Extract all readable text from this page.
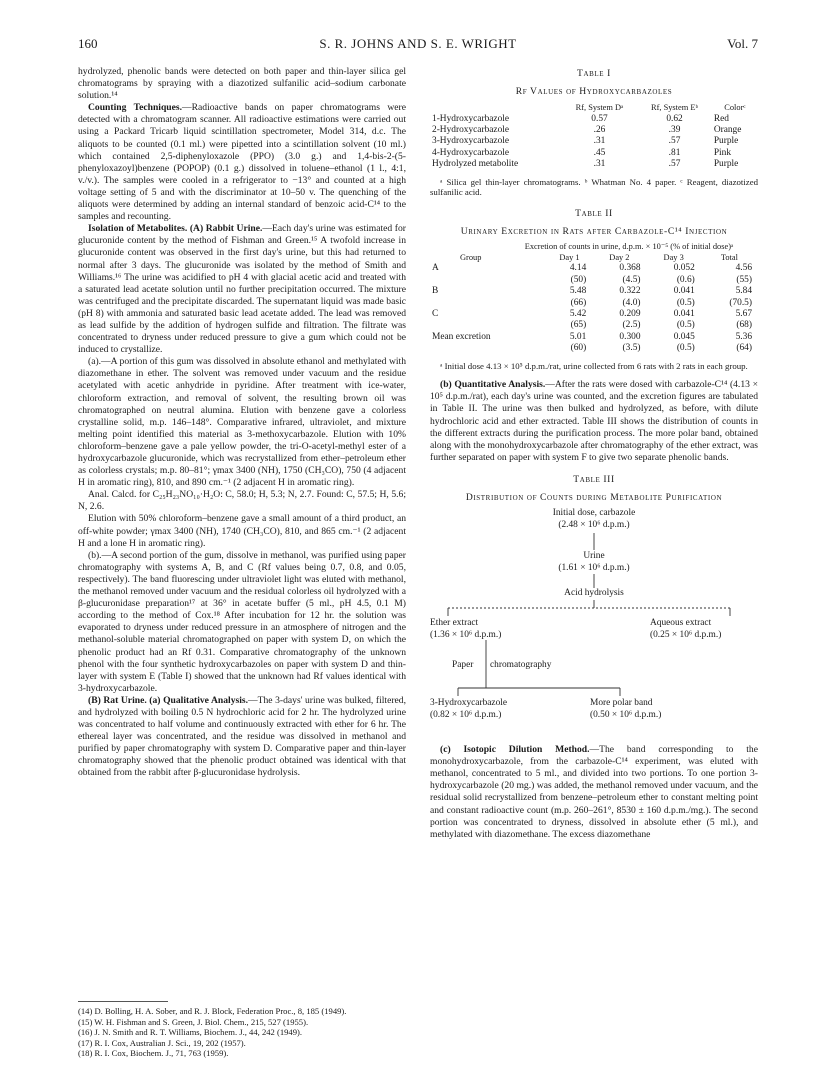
160	S. R. JOHNS AND S. E. WRIGHT	Vol. 7

hydrolyzed, phenolic bands were detected on both paper and thin-layer silica gel chromatograms by spraying with a diazotized sulfanilic acid–sodium carbonate solution.¹⁴

Counting Techniques.—Radioactive bands on paper chromatograms were detected with a chromatogram scanner. All radioactive estimations were carried out using a Packard Tricarb liquid scintillation spectrometer, Model 314, d.c. The aliquots to be counted (0.1 ml.) were pipetted into a scintillation solvent (10 ml.) which contained 2,5-diphenyloxazole (PPO) (3.0 g.) and 1,4-bis-2-(5-phenyloxazoyl)benzene (POPOP) (0.1 g.) dissolved in toluene–ethanol (1 l., 4:1, v./v.). The samples were cooled in a refrigerator to −13° and counted at a high voltage setting of 5 and with the discriminator at 10–50 v. The quenching of the aliquots were determined by adding an internal standard of benzoic acid-C¹⁴ to the samples and recounting.

Isolation of Metabolites. (A) Rabbit Urine.—Each day's urine was estimated for glucuronide content by the method of Fishman and Green.¹⁵ A twofold increase in glucuronide content was observed in the first day's urine, but this had returned to normal after 3 days. The glucuronide was isolated by the method of Smith and Williams.¹⁶ The urine was acidified to pH 4 with glacial acetic acid and treated with a saturated lead acetate solution until no further precipitation occurred. The mixture was centrifuged and the precipitate discarded. The supernatant liquid was made basic (pH 8) with ammonia and saturated basic lead acetate added. The lead was removed as lead sulfide by the addition of hydrogen sulfide and filtration. The filtrate was concentrated to dryness under reduced pressure to give a gum which could not be induced to crystallize.

(a).—A portion of this gum was dissolved in absolute ethanol and methylated with diazomethane in ether. The solvent was removed under vacuum and the residue acetylated with acetic anhydride in pyridine. After treatment with ice-water, chloroform extraction, and removal of solvent, the resulting brown oil was chromatographed on neutral alumina. Elution with benzene gave a colorless crystalline solid, m.p. 146–148°. Comparative infrared, ultraviolet, and mixture melting point identified this material as 3-methoxycarbazole. Elution with 10% chloroform–benzene gave a pale yellow powder, the tri-O-acetyl-methyl ester of a hydroxycarbazole glucuronide, which was recrystallized from ether–petroleum ether as colorless crystals; m.p. 80–81°; γmax 3400 (NH), 1750 (CH₃CO), 750 (4 adjacent H in aromatic ring), 810, and 890 cm.⁻¹ (2 adjacent H in aromatic ring).

Anal. Calcd. for C₂₅H₂₃NO₁₀·H₂O: C, 58.0; H, 5.3; N, 2.7. Found: C, 57.5; H, 5.6; N, 2.6.

Elution with 50% chloroform–benzene gave a small amount of a third product, an off-white powder; γmax 3400 (NH), 1740 (CH₃CO), 810, and 865 cm.⁻¹ (2 adjacent H and a lone H in aromatic ring).

(b).—A second portion of the gum, dissolve in methanol, was purified using paper chromatography with systems A, B, and C (Rf values being 0.7, 0.8, and 0.05, respectively). The band fluorescing under ultraviolet light was eluted with methanol, the methanol removed under vacuum and the residual colorless oil hydrolyzed with a β-glucuronidase preparation¹⁷ at 36° in acetate buffer (5 ml., pH 4.5, 0.1 M) according to the method of Cox.¹⁸ After incubation for 12 hr. the solution was evaporated to dryness under reduced pressure in an atmosphere of nitrogen and the methanol-soluble material chromatographed on paper with system D, on which the phenolic product had an Rf 0.31. Comparative chromatography of the unknown phenol with the four synthetic hydroxycarbazoles on paper with system D and thin-layer with system E (Table I) showed that the unknown had Rf values identical with 3-hydroxycarbazole.

(B) Rat Urine. (a) Qualitative Analysis.—The 3-days' urine was bulked, filtered, and hydrolyzed with boiling 0.5 N hydrochloric acid for 2 hr. The hydrolyzed urine was concentrated to half volume and continuously extracted with ether for 6 hr. The ethereal layer was concentrated, and the residue was dissolved in methanol and purified by paper chromatography with system D. Comparative paper and thin-layer chromatography showed that the phenolic product obtained was identical with that obtained from the rabbit after β-glucuronidase hydrolysis.

(14) D. Bolling, H. A. Sober, and R. J. Block, Federation Proc., 8, 185 (1949).
(15) W. H. Fishman and S. Green, J. Biol. Chem., 215, 527 (1955).
(16) J. N. Smith and R. T. Williams, Biochem. J., 44, 242 (1949).
(17) R. I. Cox, Australian J. Sci., 19, 202 (1957).
(18) R. I. Cox, Biochem. J., 71, 763 (1959).
Table I
Rf Values of Hydroxycarbazoles
	Rf, System Dᵃ	Rf, System Eᵇ	Colorᶜ
1-Hydroxycarbazole	0.57	0.62	Red
2-Hydroxycarbazole	.26	.39	Orange
3-Hydroxycarbazole	.31	.57	Purple
4-Hydroxycarbazole	.45	.81	Pink
Hydrolyzed metabolite	.31	.57	Purple
ᵃ Silica gel thin-layer chromatograms. ᵇ Whatman No. 4 paper. ᶜ Reagent, diazotized sulfanilic acid.
Table II
Urinary Excretion in Rats after Carbazole-C¹⁴ Injection
Excretion of counts in urine, d.p.m. × 10⁻⁵ (% of initial dose)ᵃ
Group	Day 1	Day 2	Day 3	Total
A	4.14	0.368	0.052	4.56
	(50)	(4.5)	(0.6)	(55)
B	5.48	0.322	0.041	5.84
	(66)	(4.0)	(0.5)	(70.5)
C	5.42	0.209	0.041	5.67
	(65)	(2.5)	(0.5)	(68)
Mean excretion	5.01	0.300	0.045	5.36
	(60)	(3.5)	(0.5)	(64)
ᵃ Initial dose 4.13 × 10⁵ d.p.m./rat, urine collected from 6 rats with 2 rats in each group.

(b) Quantitative Analysis.—After the rats were dosed with carbazole-C¹⁴ (4.13 × 10⁵ d.p.m./rat), each day's urine was counted, and the excretion figures are tabulated in Table II. The urine was then bulked and hydrolyzed, as before, with dilute hydrochloric acid and ether extracted. Table III shows the distribution of counts in the different extracts during the purification process. The more polar band, obtained along with the monohydroxycarbazole after chromatography of the ether extract, was further separated on paper with system F to give two separate phenolic bands.

Table III
Distribution of Counts during Metabolite Purification
Initial dose, carbazole
(2.48 × 10⁶ d.p.m.)
Urine
(1.61 × 10⁶ d.p.m.)
Acid hydrolysis
Ether extract
(1.36 × 10⁶ d.p.m.)
Aqueous extract
(0.25 × 10⁶ d.p.m.)
Paper chromatography
3-Hydroxycarbazole
(0.82 × 10⁶ d.p.m.)
More polar band
(0.50 × 10⁶ d.p.m.)

(c) Isotopic Dilution Method.—The band corresponding to the monohydroxycarbazole, from the carbazole-C¹⁴ experiment, was eluted with methanol, concentrated to 5 ml., and divided into two portions. To one portion 3-hydroxycarbazole (20 mg.) was added, the methanol removed under vacuum, and the residual solid recrystallized from benzene–petroleum ether to constant melting point and constant radioactive count (m.p. 260–261°, 8530 ± 160 d.p.m./mg.). The second portion was concentrated to dryness, dissolved in absolute ether (5 ml.), and methylated with diazomethane. The excess diazomethane
